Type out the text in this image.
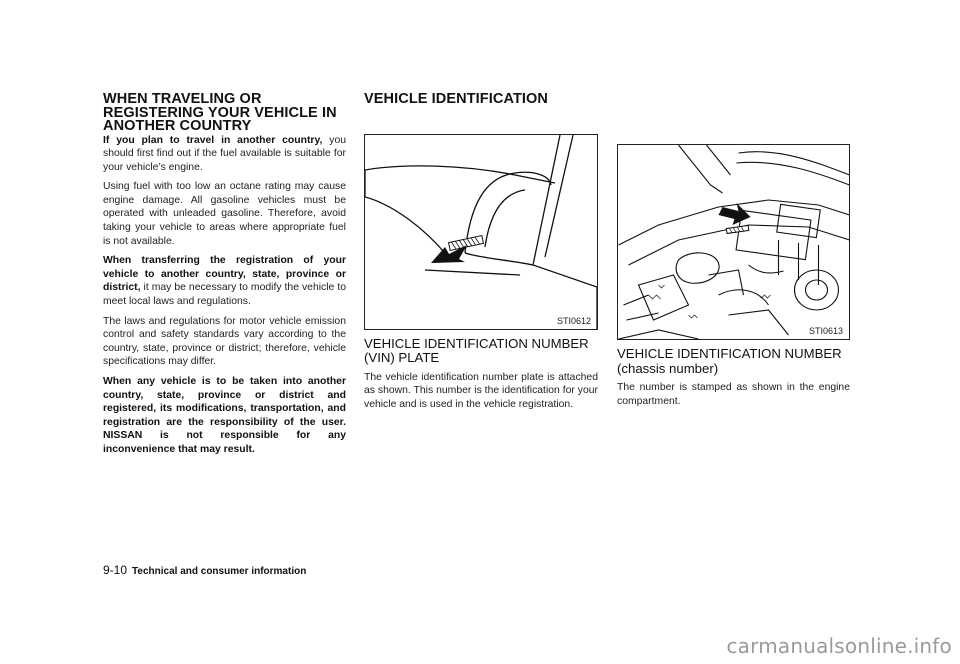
WHEN TRAVELING OR REGISTERING YOUR VEHICLE IN ANOTHER COUNTRY

If you plan to travel in another country, you should first find out if the fuel available is suitable for your vehicle’s engine.

Using fuel with too low an octane rating may cause engine damage. All gasoline vehicles must be operated with unleaded gasoline. Therefore, avoid taking your vehicle to areas where appropriate fuel is not available.

When transferring the registration of your vehicle to another country, state, province or district, it may be necessary to modify the vehicle to meet local laws and regulations.

The laws and regulations for motor vehicle emission control and safety standards vary according to the country, state, province or district; therefore, vehicle specifications may differ.

When any vehicle is to be taken into another country, state, province or district and registered, its modifications, transportation, and registration are the responsibility of the user. NISSAN is not responsible for any inconvenience that may result.

VEHICLE IDENTIFICATION
STI0612
VEHICLE IDENTIFICATION NUMBER (VIN) PLATE

The vehicle identification number plate is attached as shown. This number is the identification for your vehicle and is used in the vehicle registration.

STI0613
VEHICLE IDENTIFICATION NUMBER (chassis number)

The number is stamped as shown in the engine compartment.

9-10 Technical and consumer information
carmanualsonline.info
